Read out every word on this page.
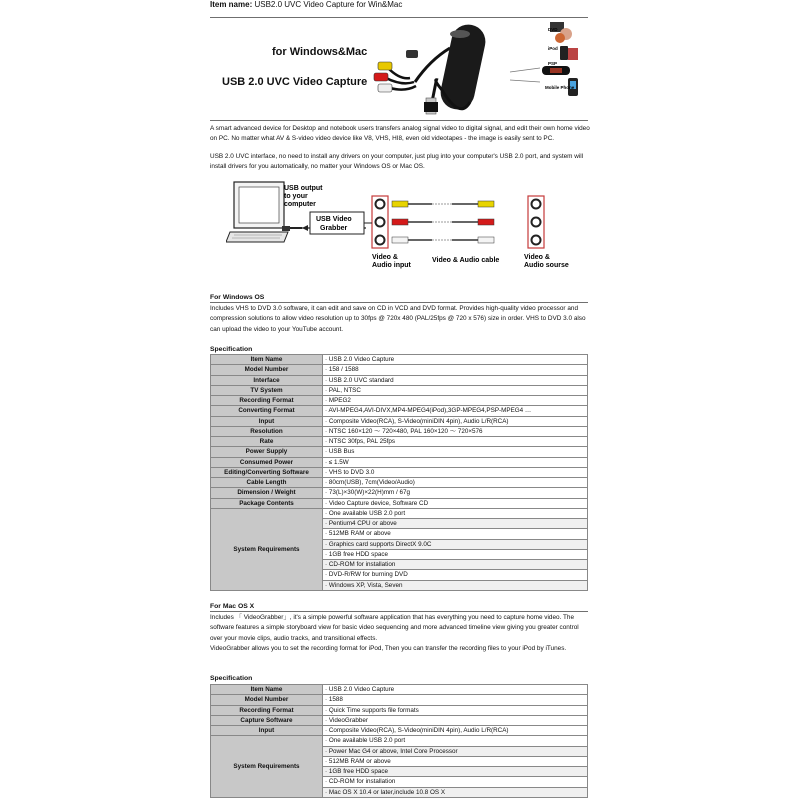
Item name: USB2.0 UVC Video Capture for Win&Mac
for Windows&Mac
USB 2.0 UVC Video Capture
DVD
iPod
PSP
Mobile Phone
A smart advanced device for Desktop and notebook users transfers analog signal video to digital signal, and edit their own home video on PC. No matter what AV & S-video video device like V8, VHS, HI8, even old videotapes - the image is easily sent to PC.
USB 2.0 UVC interface, no need to install any drivers on your computer, just plug into your computer's USB 2.0 port, and system will install drivers for you automatically, no matter your Windows OS or Mac OS.
USB output
to your
computer
USB Video
Grabber
Video &
Audio input
Video & Audio cable	Video &
Audio sourse
For Windows OS
Includes VHS to DVD 3.0 software, it can edit and save on CD in VCD and DVD format. Provides high-quality video processor and compression solutions to allow video resolution up to 30fps @ 720x 480 (PAL/25fps @ 720 x 576) size in order. VHS to DVD 3.0 also can upload the video to your YouTube account.
Specification
Item Name	· USB 2.0 Video Capture
Model Number	· 158 / 1588
Interface	· USB 2.0 UVC standard
TV System	· PAL, NTSC
Recording Format	· MPEG2
Converting Format	· AVI-MPEG4,AVI-DIVX,MP4-MPEG4(iPod),3GP-MPEG4,PSP-MPEG4 …
Input	· Composite Video(RCA), S-Video(miniDIN 4pin), Audio L/R(RCA)
Resolution	· NTSC 160×120 ～ 720×480, PAL 160×120 ～ 720×576
Rate	· NTSC 30fps, PAL 25fps
Power Supply	· USB Bus
Consumed Power	· ≤ 1.5W
Editing/Converting Software	· VHS to DVD 3.0
Cable Length	· 80cm(USB), 7cm(Video/Audio)
Dimension / Weight	· 73(L)×30(W)×22(H)mm / 67g
Package Contents	· Video Capture device, Software CD
System Requirements	· One available USB 2.0 port
	· Pentium4 CPU or above
	· 512MB RAM or above
	· Graphics card supports DirectX 9.0C
	· 1GB free HDD space
	· CD-ROM for installation
	· DVD-R/RW for burning DVD
	· Windows XP, Vista, Seven
For Mac OS X
Includes 「 VideoGrabber」, it's a simple powerful software application that has everything you need to capture home video. The software features a simple storyboard view for basic video sequencing and more advanced timeline view giving you greater control over your movie clips, audio tracks, and transitional effects.
VideoGrabber allows you to set the recording format for iPod, Then you can transfer the recording files to your iPod by iTunes.
Specification
Item Name	· USB 2.0 Video Capture
Model Number	· 1588
Recording Format	· Quick Time supports file formats
Capture Software	· VideoGrabber
Input	· Composite Video(RCA), S-Video(miniDIN 4pin), Audio L/R(RCA)
System Requirements	· One available USB 2.0 port
	· Power Mac G4 or above, Intel Core Processor
	· 512MB RAM or above
	· 1GB free HDD space
	· CD-ROM for installation
	· Mac OS X 10.4 or later,include 10.8 OS X
